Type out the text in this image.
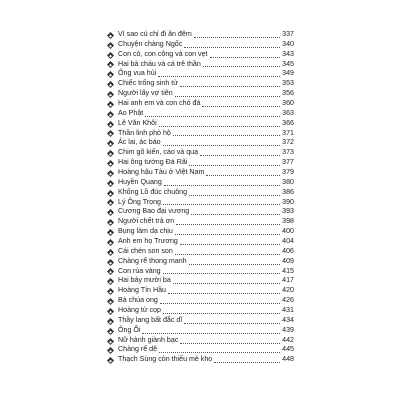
Vì sao cú chỉ đi ăn đêm	337
Chuyện chàng Ngốc	340
Con cò, con công và con vẹt	343
Hai bà cháu và cá trê thần	345
Ông vua hủi	349
Chiếc trống sinh tử	353
Người lấy vợ tiên	356
Hai anh em và con chó đá	360
Ao Phật	363
Lê Văn Khôi	366
Thần linh phò hộ	371
Ác lai, ác báo	372
Chim gõ kiến, cáo và quạ	373
Hai ông tướng Đá Rãi	377
Hoàng hậu Tàu ở Việt Nam	379
Huyền Quang	380
Khổng Lồ đúc chuông	386
Lý Ông Trọng	390
Cương Bao đại vương	393
Người chết trả ơn	398
Bụng làm dạ chịu	400
Anh em họ Trương	404
Cái chén son son	406
Chàng rể thong manh	409
Con rùa vàng	415
Hai bảy mười ba	417
Hoàng Tín Hầu	420
Bà chúa ong	426
Hoàng tử cọp	431
Thầy lang bất đắc dĩ	434
Ông Ổi	439
Nữ hành giành bạc	442
Chàng rể dê	445
Thạch Sùng còn thiếu mẻ kho	448
